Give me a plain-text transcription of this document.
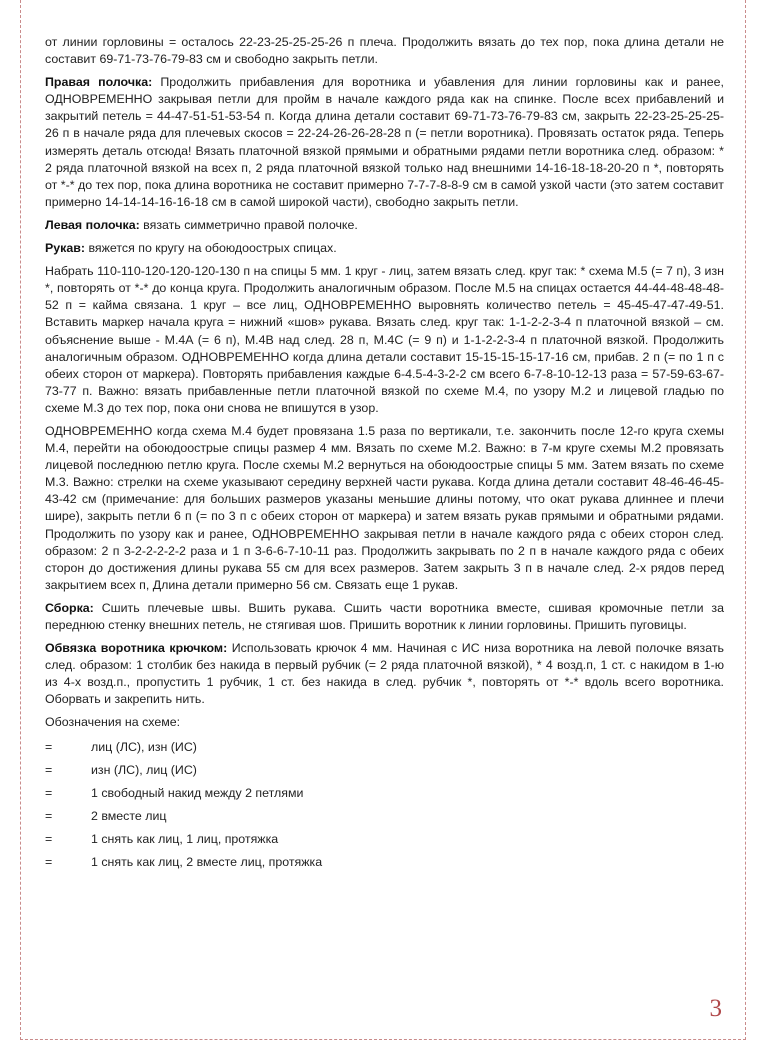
от линии горловины = осталось 22-23-25-25-25-26 п плеча. Продолжить вязать до тех пор, пока длина детали не составит 69-71-73-76-79-83 см и свободно закрыть петли.

Правая полочка: Продолжить прибавления для воротника и убавления для линии горловины как и ранее, ОДНОВРЕМЕННО закрывая петли для пройм в начале каждого ряда как на спинке. После всех прибавлений и закрытий петель = 44-47-51-51-53-54 п. Когда длина детали составит 69-71-73-76-79-83 см, закрыть 22-23-25-25-25-26 п в начале ряда для плечевых скосов = 22-24-26-26-28-28 п (= петли воротника). Провязать остаток ряда. Теперь измерять деталь отсюда! Вязать платочной вязкой прямыми и обратными рядами петли воротника след. образом: * 2 ряда платочной вязкой на всех п, 2 ряда платочной вязкой только над внешними 14-16-18-18-20-20 п *, повторять от *-* до тех пор, пока длина воротника не составит примерно 7-7-7-8-8-9 см в самой узкой части (это затем составит примерно 14-14-14-16-16-18 см в самой широкой части), свободно закрыть петли.

Левая полочка: вязать симметрично правой полочке.

Рукав: вяжется по кругу на обоюдоострых спицах.

Набрать 110-110-120-120-120-130 п на спицы 5 мм. 1 круг - лиц, затем вязать след. круг так: * схема М.5 (= 7 п), 3 изн *, повторять от *-* до конца круга. Продолжить аналогичным образом. После М.5 на спицах остается 44-44-48-48-48-52 п = кайма связана. 1 круг – все лиц, ОДНОВРЕМЕННО выровнять количество петель = 45-45-47-47-49-51. Вставить маркер начала круга = нижний «шов» рукава. Вязать след. круг так: 1-1-2-2-3-4 п платочной вязкой – см. объяснение выше - М.4A (= 6 п), М.4B над след. 28 п, М.4C (= 9 п) и 1-1-2-2-3-4 п платочной вязкой. Продолжить аналогичным образом. ОДНОВРЕМЕННО когда длина детали составит 15-15-15-15-17-16 см, прибав. 2 п (= по 1 п с обеих сторон от маркера). Повторять прибавления каждые 6-4.5-4-3-2-2 см всего 6-7-8-10-12-13 раза = 57-59-63-67-73-77 п. Важно: вязать прибавленные петли платочной вязкой по схеме М.4, по узору М.2 и лицевой гладью по схеме М.3 до тех пор, пока они снова не впишутся в узор.

ОДНОВРЕМЕННО когда схема М.4 будет провязана 1.5 раза по вертикали, т.е. закончить после 12-го круга схемы М.4, перейти на обоюдоострые спицы размер 4 мм. Вязать по схеме М.2. Важно: в 7-м круге схемы М.2 провязать лицевой последнюю петлю круга. После схемы М.2 вернуться на обоюдоострые спицы 5 мм. Затем вязать по схеме М.3. Важно: стрелки на схеме указывают середину верхней части рукава. Когда длина детали составит 48-46-46-45-43-42 см (примечание: для больших размеров указаны меньшие длины потому, что окат рукава длиннее и плечи шире), закрыть петли 6 п (= по 3 п с обеих сторон от маркера) и затем вязать рукав прямыми и обратными рядами. Продолжить по узору как и ранее, ОДНОВРЕМЕННО закрывая петли в начале каждого ряда с обеих сторон след. образом: 2 п 3-2-2-2-2-2 раза и 1 п 3-6-6-7-10-11 раз. Продолжить закрывать по 2 п в начале каждого ряда с обеих сторон до достижения длины рукава 55 см для всех размеров. Затем закрыть 3 п в начале след. 2-х рядов перед закрытием всех п, Длина детали примерно 56 см. Связать еще 1 рукав.

Сборка: Сшить плечевые швы. Вшить рукава. Сшить части воротника вместе, сшивая кромочные петли за переднюю стенку внешних петель, не стягивая шов. Пришить воротник к линии горловины. Пришить пуговицы.

Обвязка воротника крючком: Использовать крючок 4 мм. Начиная с ИС низа воротника на левой полочке вязать след. образом: 1 столбик без накида в первый рубчик (= 2 ряда платочной вязкой), * 4 возд.п, 1 ст. с накидом в 1-ю из 4-х возд.п., пропустить 1 рубчик, 1 ст. без накида в след. рубчик *, повторять от *-* вдоль всего воротника. Оборвать и закрепить нить.

Обозначения на схеме:

=	лиц (ЛС), изн (ИС)
=	изн (ЛС), лиц (ИС)
=	1 свободный накид между 2 петлями
=	2 вместе лиц
=	1 снять как лиц, 1 лиц, протяжка
=	1 снять как лиц, 2 вместе лиц, протяжка
3
